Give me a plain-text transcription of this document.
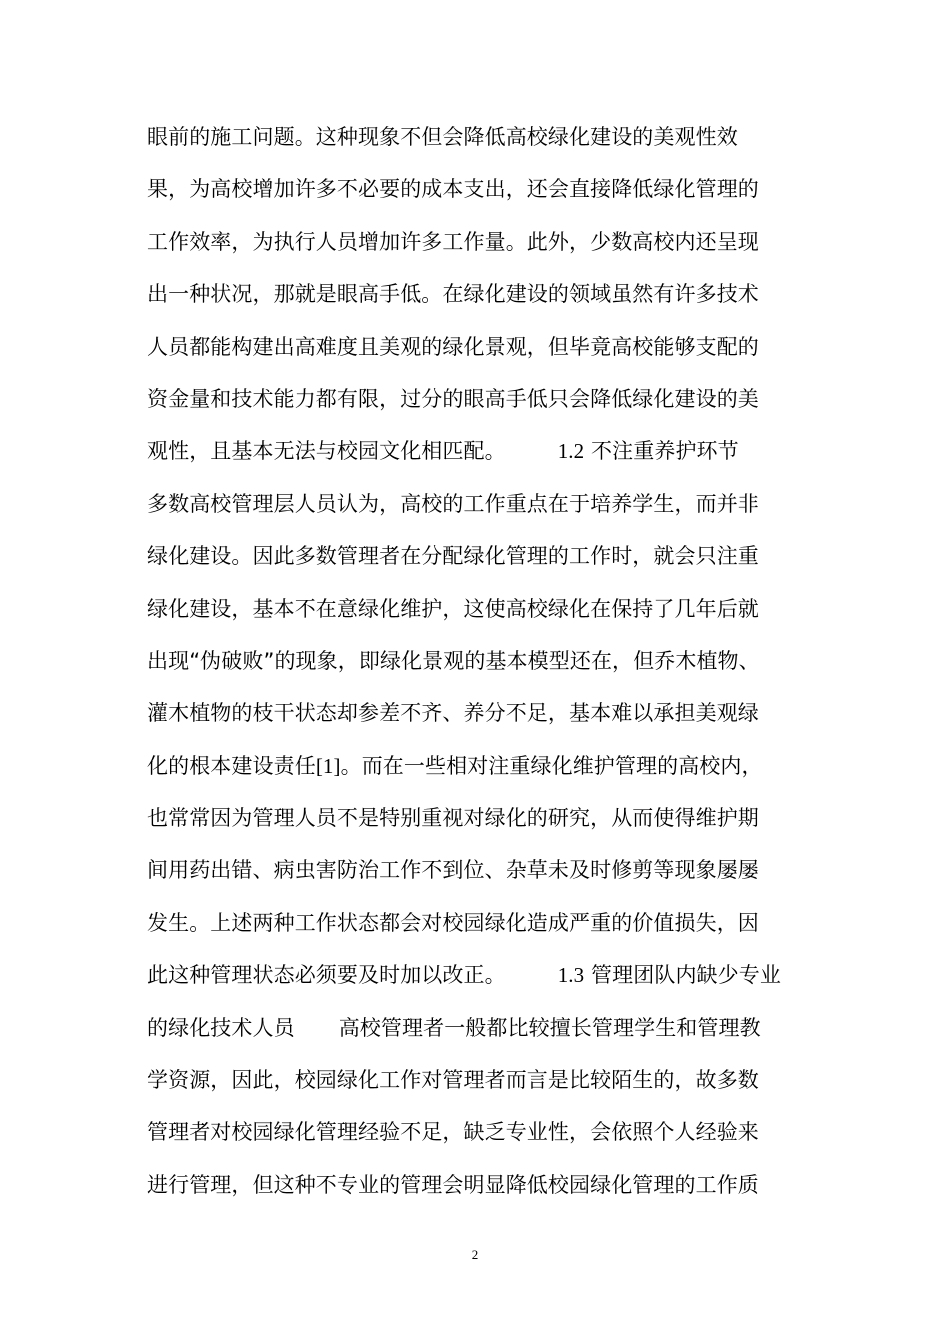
眼前的施工问题。这种现象不但会降低高校绿化建设的美观性效
果，为高校增加许多不必要的成本支出，还会直接降低绿化管理的
工作效率，为执行人员增加许多工作量。此外，少数高校内还呈现
出一种状况，那就是眼高手低。在绿化建设的领域虽然有许多技术
人员都能构建出高难度且美观的绿化景观，但毕竟高校能够支配的
资金量和技术能力都有限，过分的眼高手低只会降低绿化建设的美
观性，且基本无法与校园文化相匹配。 1.2 不注重养护环节
多数高校管理层人员认为，高校的工作重点在于培养学生，而并非
绿化建设。因此多数管理者在分配绿化管理的工作时，就会只注重
绿化建设，基本不在意绿化维护，这使高校绿化在保持了几年后就
出现“伪破败”的现象，即绿化景观的基本模型还在，但乔木植物、
灌木植物的枝干状态却参差不齐、养分不足，基本难以承担美观绿
化的根本建设责任[1]。而在一些相对注重绿化维护管理的高校内，
也常常因为管理人员不是特别重视对绿化的研究，从而使得维护期
间用药出错、病虫害防治工作不到位、杂草未及时修剪等现象屡屡
发生。上述两种工作状态都会对校园绿化造成严重的价值损失，因
此这种管理状态必须要及时加以改正。 1.3 管理团队内缺少专业
的绿化技术人员 高校管理者一般都比较擅长管理学生和管理教
学资源，因此，校园绿化工作对管理者而言是比较陌生的，故多数
管理者对校园绿化管理经验不足，缺乏专业性，会依照个人经验来
进行管理，但这种不专业的管理会明显降低校园绿化管理的工作质
2
